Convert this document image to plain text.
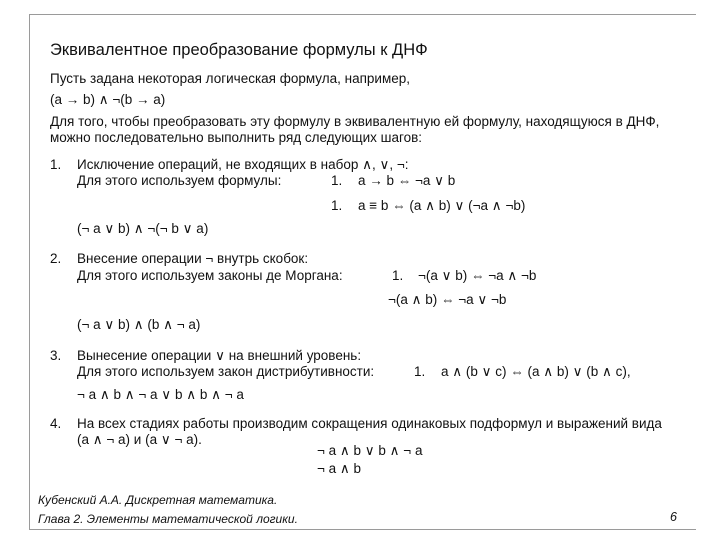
Эквивалентное преобразование формулы к ДНФ
Пусть задана некоторая логическая формула, например,
(a → b) ∧ ¬(b → a)
Для того, чтобы преобразовать эту формулу в эквивалентную ей формулу, находящуюся в ДНФ,
можно последовательно выполнить ряд следующих шагов:
1. Исключение операций, не входящих в набор ∧, ∨, ¬:
Для этого используем формулы:	1. a → b ⇔ ¬a ∨ b
1. a ≡ b ⇔ (a ∧ b) ∨ (¬a ∧ ¬b)
(¬ a ∨ b) ∧ ¬(¬ b ∨ a)
2. Внесение операции ¬ внутрь скобок:
Для этого используем законы де Моргана:	1. ¬(a ∨ b) ⇔ ¬a ∧ ¬b
¬(a ∧ b) ⇔ ¬a ∨ ¬b
(¬ a ∨ b) ∧ (b ∧ ¬ a)
3. Вынесение операции ∨ на внешний уровень:
Для этого используем закон дистрибутивности:	1. a ∧ (b ∨ c) ⇔ (a ∧ b) ∨ (b ∧ c),
¬ a ∧ b ∧ ¬ a ∨ b ∧ b ∧ ¬ a
4. На всех стадиях работы производим сокращения одинаковых подформул и выражений вида
(a ∧ ¬ a) и (a ∨ ¬ a).
¬ a ∧ b ∨ b ∧ ¬ a
¬ a ∧ b
Кубенский А.А. Дискретная математика.
Глава 2. Элементы математической логики.	6
